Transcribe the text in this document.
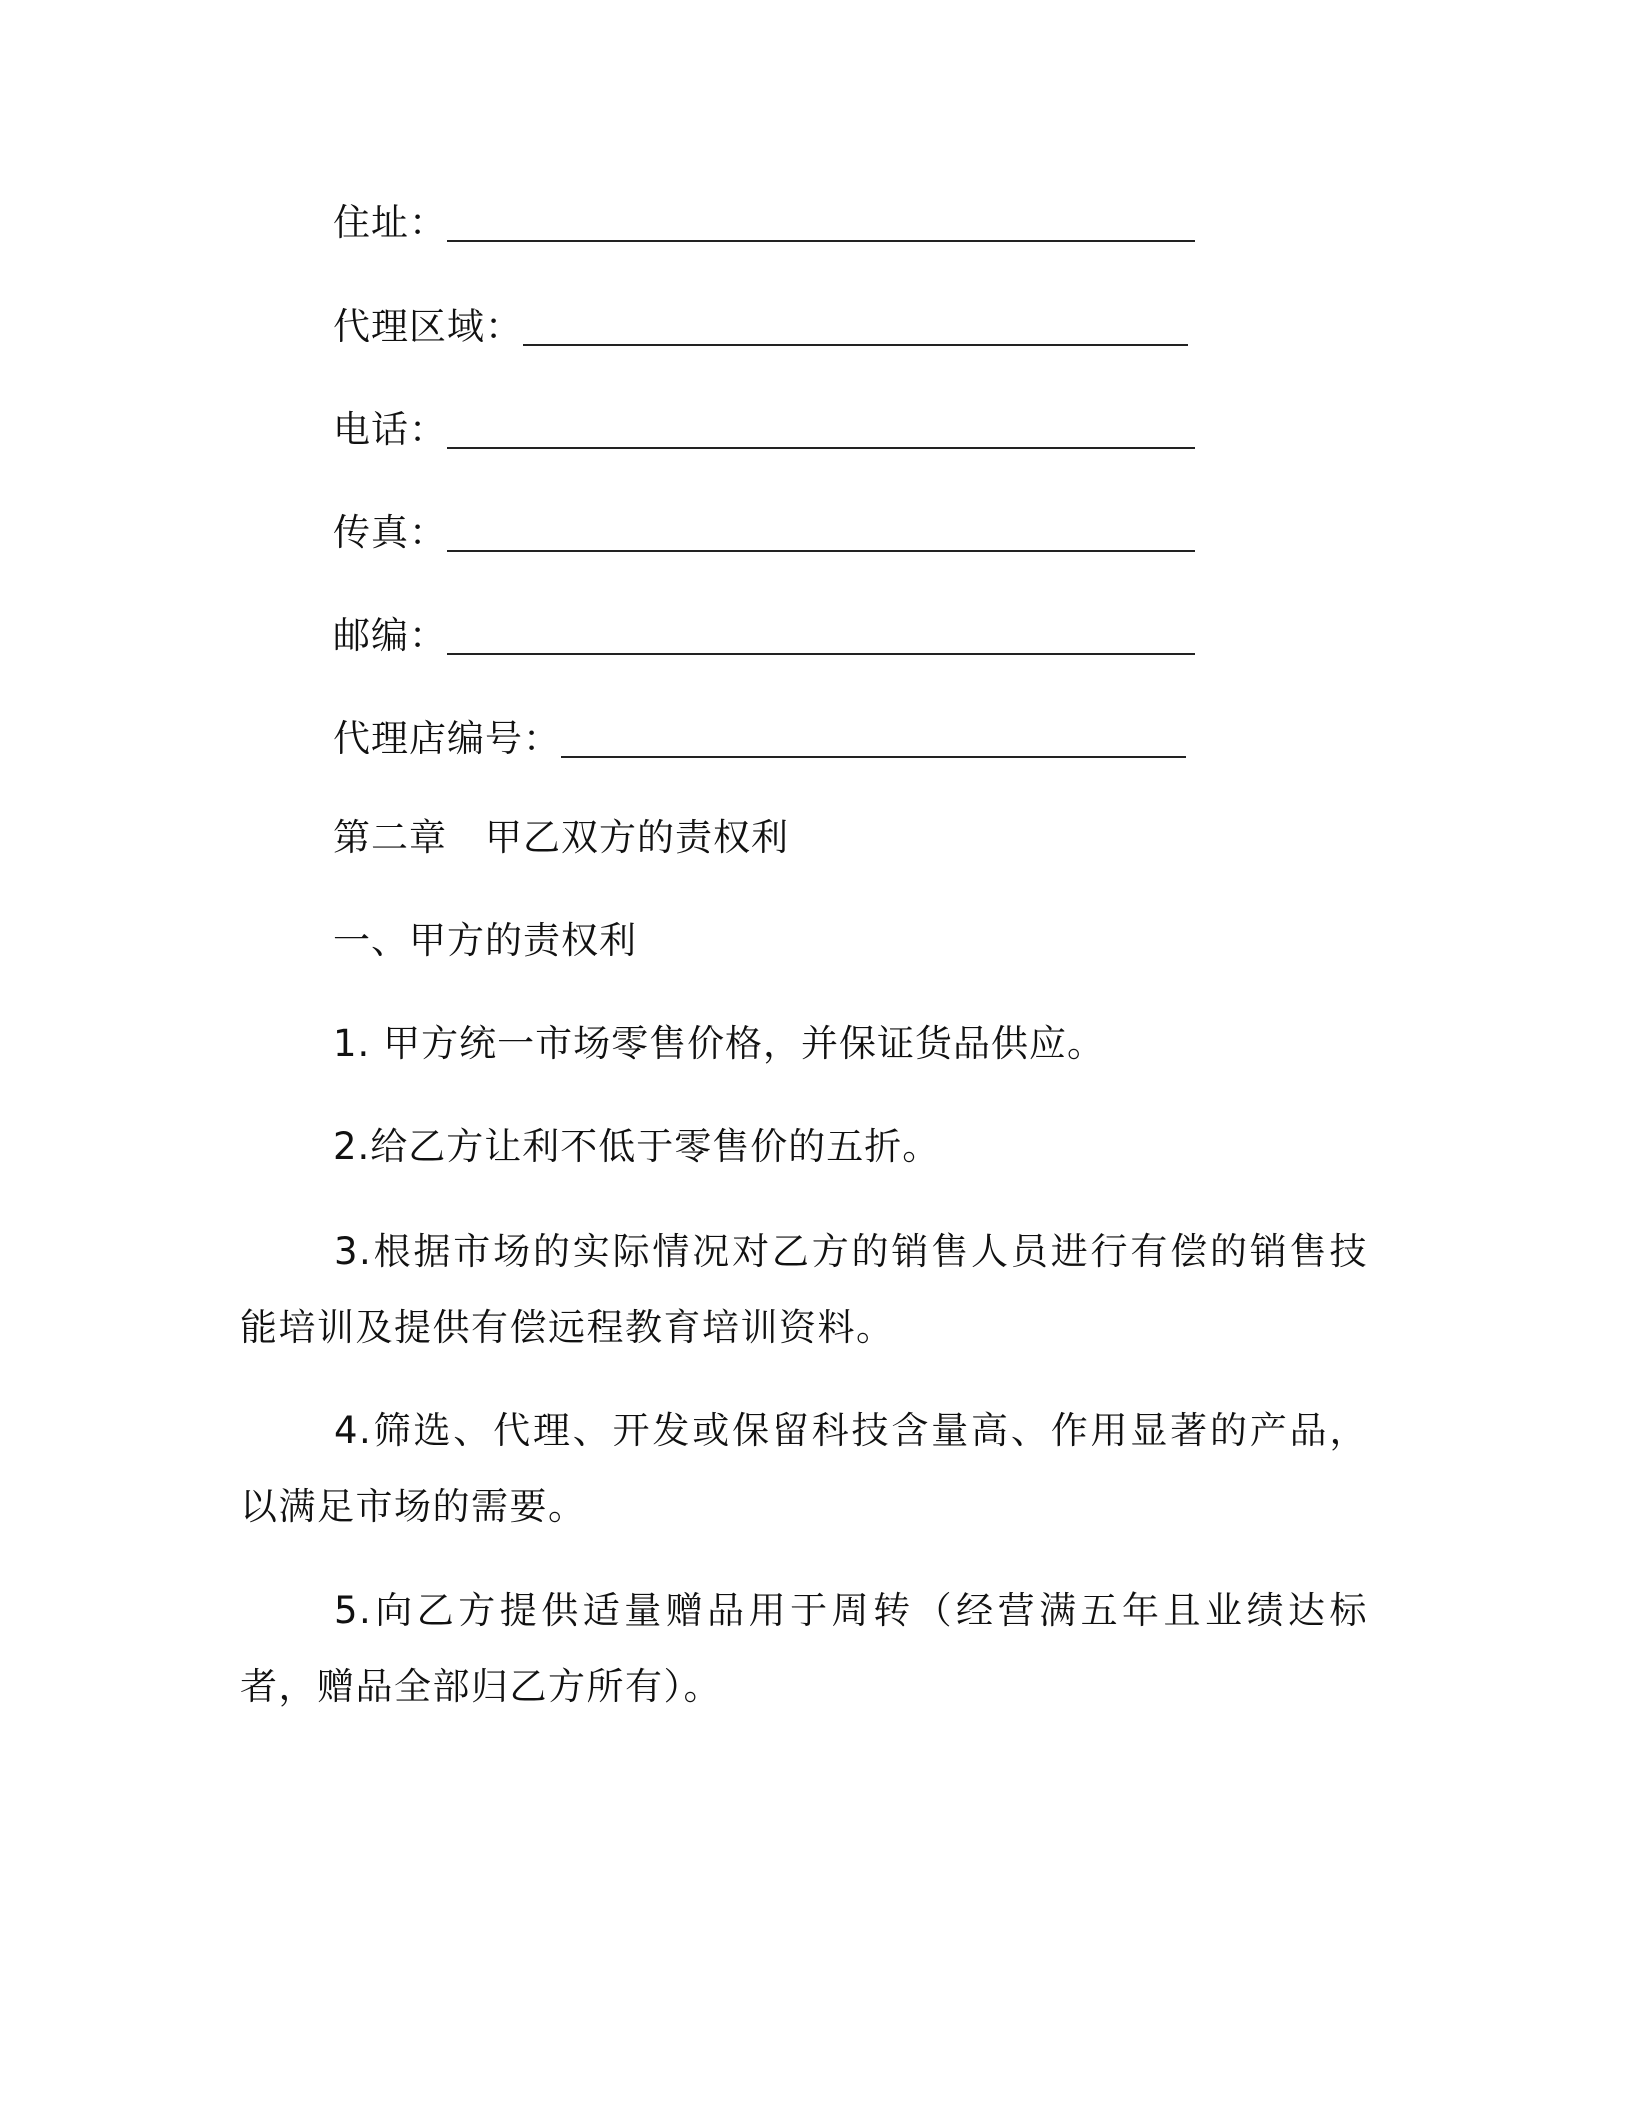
住址：
代理区域：
电话：
传真：
邮编：
代理店编号：
第二章　甲乙双方的责权利
一、甲方的责权利
1. 甲方统一市场零售价格，并保证货品供应。
2.给乙方让利不低于零售价的五折。
3.根据市场的实际情况对乙方的销售人员进行有偿的销售技能培训及提供有偿远程教育培训资料。
4.筛选、代理、开发或保留科技含量高、作用显著的产品，以满足市场的需要。
5.向乙方提供适量赠品用于周转（经营满五年且业绩达标者，赠品全部归乙方所有）。
